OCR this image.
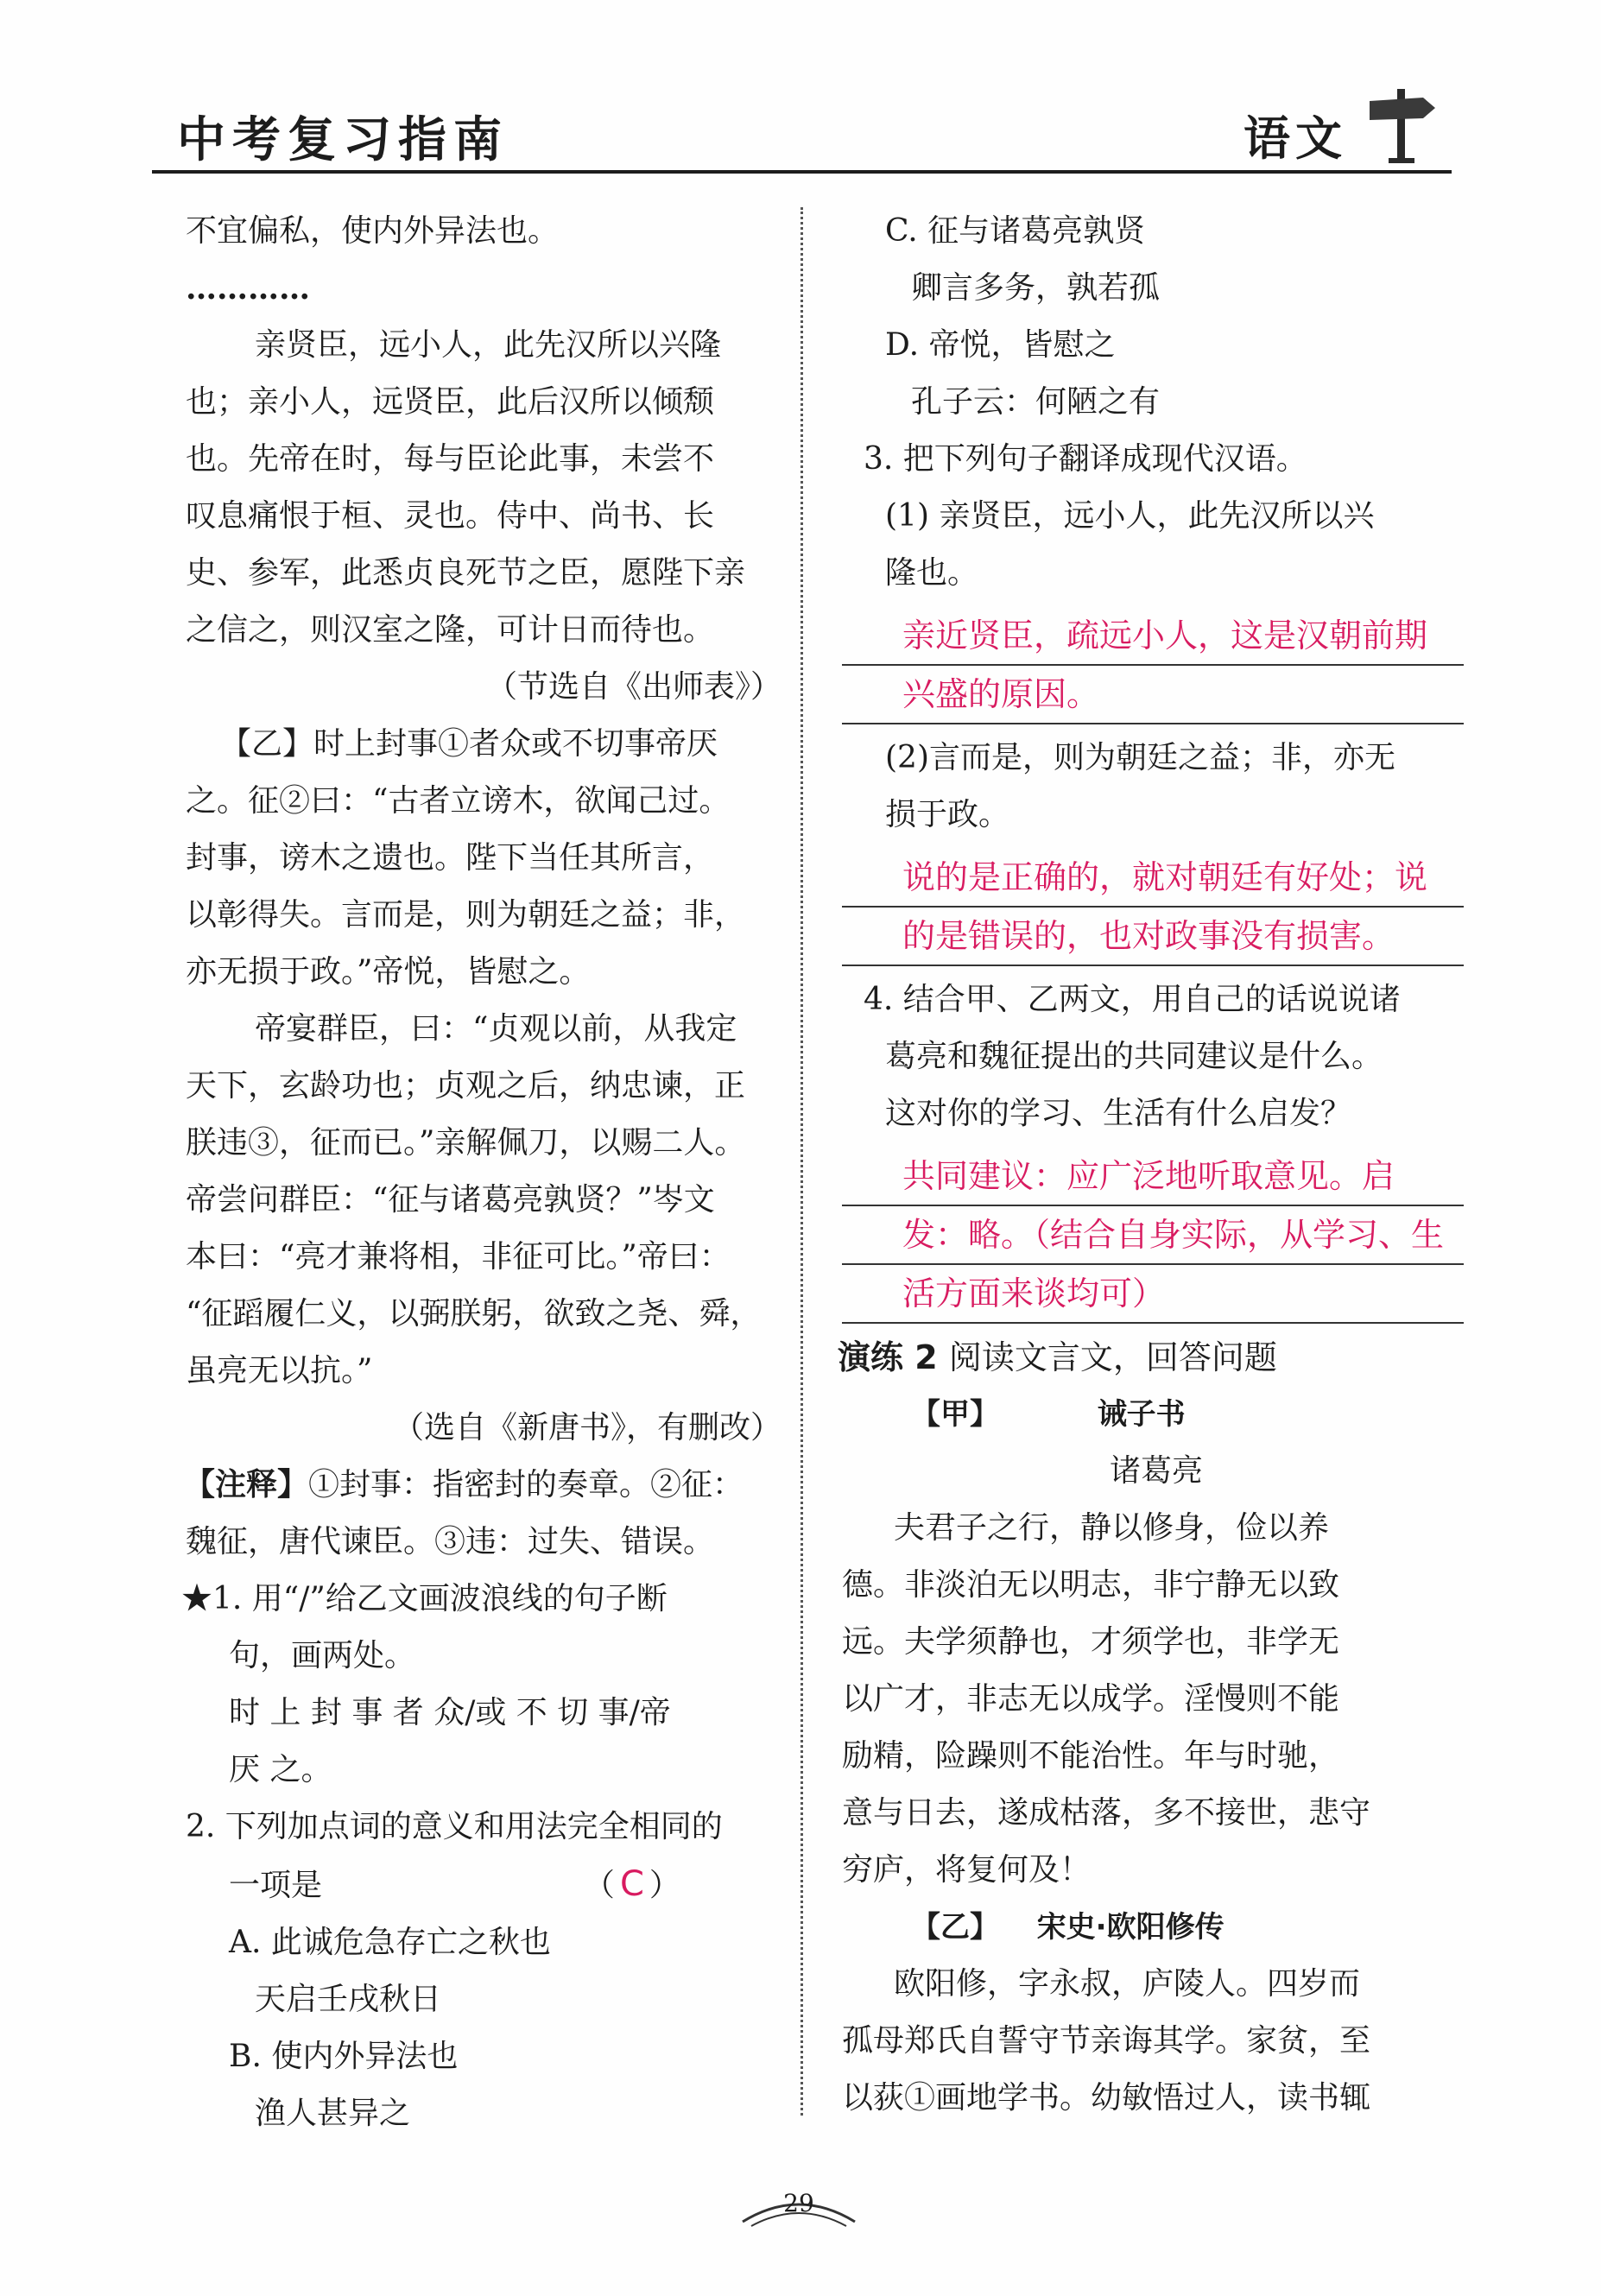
中考复习指南	语文

不宜偏私，使内外异法也。

…………

亲贤臣，远小人，此先汉所以兴隆

也；亲小人，远贤臣，此后汉所以倾颓

也。先帝在时，每与臣论此事，未尝不

叹息痛恨于桓、灵也。侍中、尚书、长

史、参军，此悉贞良死节之臣，愿陛下亲

之信之，则汉室之隆，可计日而待也。

（节选自《出师表》）

【乙】时上封事①者众或不切事帝厌

之。征②曰：“古者立谤木，欲闻己过。

封事，谤木之遗也。陛下当任其所言，

以彰得失。言而是，则为朝廷之益；非，

亦无损于政。”帝悦，皆慰之。

帝宴群臣，曰：“贞观以前，从我定

天下，玄龄功也；贞观之后，纳忠谏，正

朕违③，征而已。”亲解佩刀，以赐二人。

帝尝问群臣：“征与诸葛亮孰贤？”岑文

本曰：“亮才兼将相，非征可比。”帝曰：

“征蹈履仁义，以弼朕躬，欲致之尧、舜，

虽亮无以抗。”

（选自《新唐书》，有删改）

【注释】①封事：指密封的奏章。②征：

魏征，唐代谏臣。③违：过失、错误。

★1. 用“/”给乙文画波浪线的句子断

句，画两处。

时 上 封 事 者 众/或 不 切 事/帝

厌 之。

2. 下列加点词的意义和用法完全相同的

一项是	（ C ）

A. 此诚危急存亡之秋也

天启壬戌秋日

B. 使内外异法也

渔人甚异之

C. 征与诸葛亮孰贤

卿言多务，孰若孤

D. 帝悦，皆慰之

孔子云：何陋之有

3. 把下列句子翻译成现代汉语。

(1) 亲贤臣，远小人，此先汉所以兴

隆也。

亲近贤臣，疏远小人，这是汉朝前期

兴盛的原因。

(2)言而是，则为朝廷之益；非，亦无

损于政。

说的是正确的，就对朝廷有好处；说

的是错误的，也对政事没有损害。

4. 结合甲、乙两文，用自己的话说说诸

葛亮和魏征提出的共同建议是什么。

这对你的学习、生活有什么启发？

共同建议：应广泛地听取意见。启

发：略。（结合自身实际，从学习、生

活方面来谈均可）

演练 2 阅读文言文，回答问题

【甲】	诫子书

诸葛亮

夫君子之行，静以修身，俭以养

德。非淡泊无以明志，非宁静无以致

远。夫学须静也，才须学也，非学无

以广才，非志无以成学。淫慢则不能

励精，险躁则不能治性。年与时驰，

意与日去，遂成枯落，多不接世，悲守

穷庐，将复何及！

【乙】 宋史·欧阳修传

欧阳修，字永叔，庐陵人。四岁而

孤母郑氏自誓守节亲诲其学。家贫，至

以荻①画地学书。幼敏悟过人，读书辄

29
